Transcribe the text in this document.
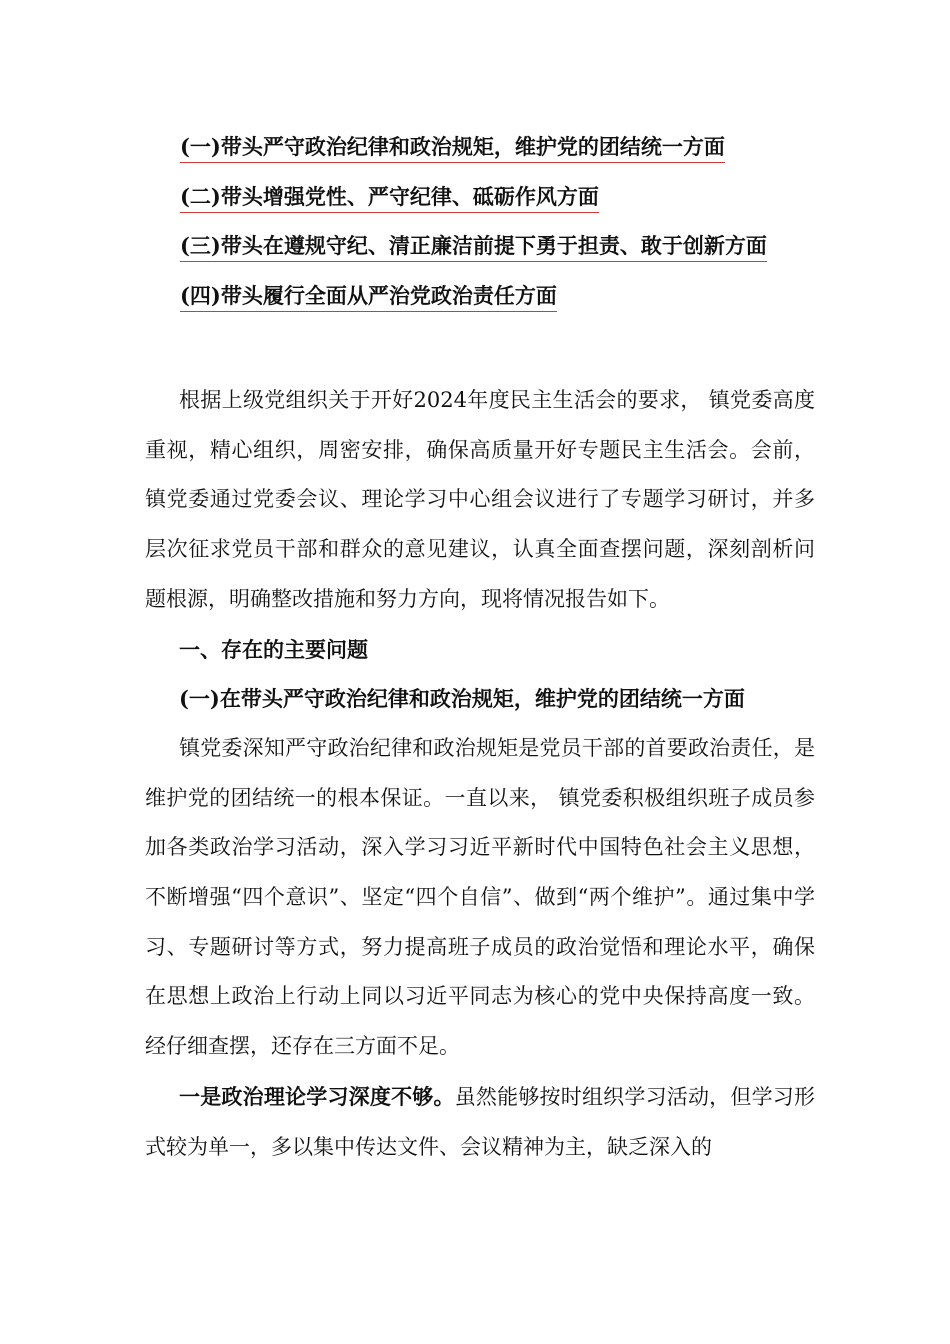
(一)带头严守政治纪律和政治规矩，维护党的团结统一方面
(二)带头增强党性、严守纪律、砥砺作风方面
(三)带头在遵规守纪、清正廉洁前提下勇于担责、敢于创新方面
(四)带头履行全面从严治党政治责任方面

根据上级党组织关于开好2024年度民主生活会的要求， 镇党委高度重视，精心组织，周密安排，确保高质量开好专题民主生活会。会前，镇党委通过党委会议、理论学习中心组会议进行了专题学习研讨，并多层次征求党员干部和群众的意见建议，认真全面查摆问题，深刻剖析问题根源，明确整改措施和努力方向，现将情况报告如下。

一、存在的主要问题

(一)在带头严守政治纪律和政治规矩，维护党的团结统一方面

镇党委深知严守政治纪律和政治规矩是党员干部的首要政治责任，是维护党的团结统一的根本保证。一直以来， 镇党委积极组织班子成员参加各类政治学习活动，深入学习习近平新时代中国特色社会主义思想，不断增强“四个意识”、坚定“四个自信”、做到“两个维护”。通过集中学习、专题研讨等方式，努力提高班子成员的政治觉悟和理论水平，确保在思想上政治上行动上同以习近平同志为核心的党中央保持高度一致。经仔细查摆，还存在三方面不足。

一是政治理论学习深度不够。虽然能够按时组织学习活动，但学习形式较为单一，多以集中传达文件、会议精神为主，缺乏深入的
